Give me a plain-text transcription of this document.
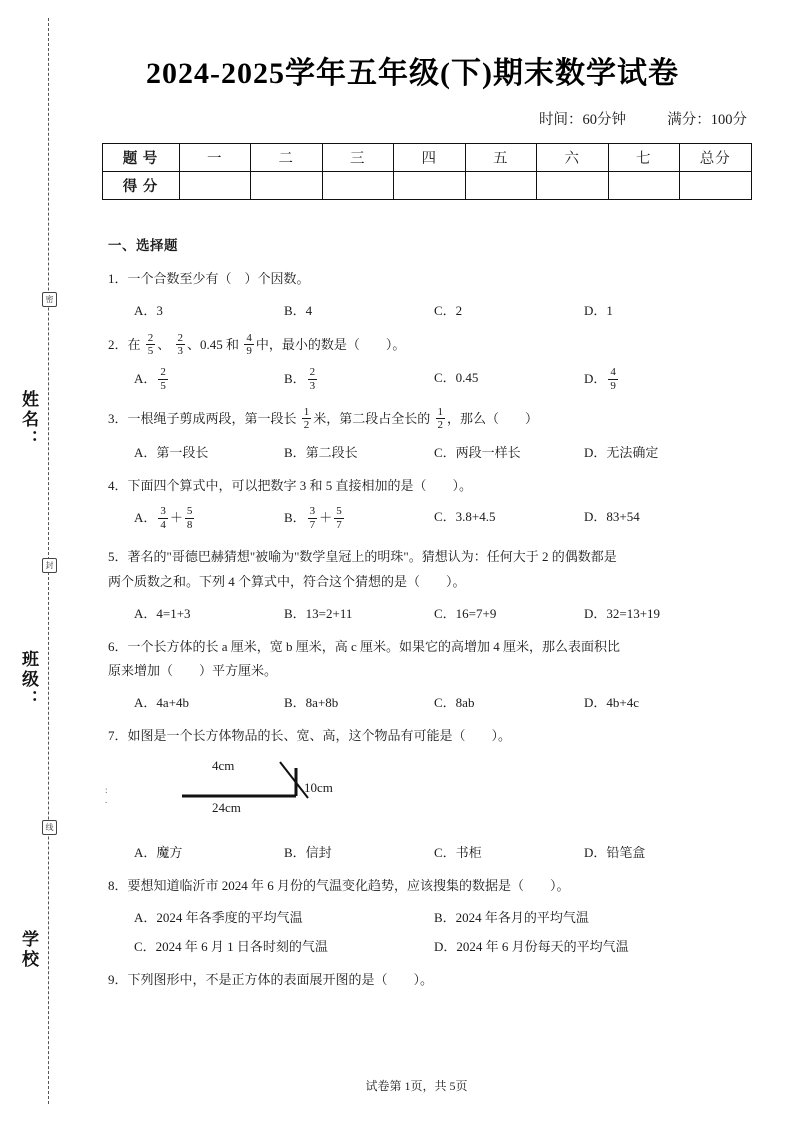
姓名：
班级：
学校
密
封
线
2024-2025学年五年级(下)期末数学试卷
时间：60分钟	满分：100分
题 号	一	二	三	四	五	六	七	总分
得 分								
一、选择题
1．一个合数至少有（　）个因数。
A．3	B．4	C．2	D．1
2．在 $\frac{2}{5}$ 、 $\frac{2}{3}$ 、0.45 和 $\frac{4}{9}$ 中，最小的数是（　　）。
A． $\frac{2}{5}$	B． $\frac{2}{3}$	C．0.45	D． $\frac{4}{9}$
3．一根绳子剪成两段，第一段长 $\frac{1}{2}$ 米，第二段占全长的 $\frac{1}{2}$ ，那么（　　）
A．第一段长	B．第二段长	C．两段一样长	D．无法确定
4．下面四个算式中，可以把数字 3 和 5 直接相加的是（　　）。
A． $\frac{3}{4} + \frac{5}{8}$	B． $\frac{3}{7} + \frac{5}{7}$	C．3.8+4.5	D．83+54
5．著名的"哥德巴赫猜想"被喻为"数学皇冠上的明珠"。猜想认为：任何大于 2 的偶数都是
两个质数之和。下列 4 个算式中，符合这个猜想的是（　　）。
A．4=1+3	B．13=2+11	C．16=7+9	D．32=13+19
6．一个长方体的长 a 厘米，宽 b 厘米，高 c 厘米。如果它的高增加 4 厘米，那么表面积比
原来增加（　　）平方厘米。
A．4a+4b	B．8a+8b	C．8ab	D．4b+4c
7．如图是一个长方体物品的长、宽、高，这个物品有可能是（　　）。
4cm
24cm
10cm
A．魔方	B．信封	C．书柜	D．铅笔盒
8．要想知道临沂市 2024 年 6 月份的气温变化趋势，应该搜集的数据是（　　）。
A．2024 年各季度的平均气温	B．2024 年各月的平均气温
C．2024 年 6 月 1 日各时刻的气温	D．2024 年 6 月份每天的平均气温
9．下列图形中，不是正方体的表面展开图的是（　　）。
试卷第 1页，共 5页
:
.
